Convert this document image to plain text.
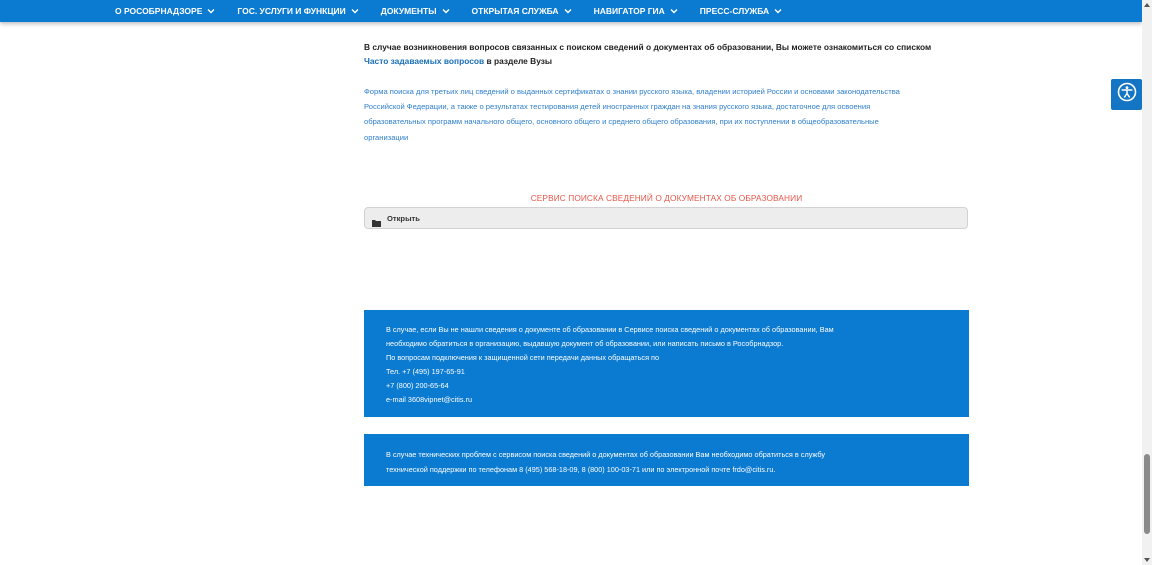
О РОСОБРНАДЗОРЕ	ГОС. УСЛУГИ И ФУНКЦИИ	ДОКУМЕНТЫ	ОТКРЫТАЯ СЛУЖБА	НАВИГАТОР ГИА	ПРЕСС-СЛУЖБА
В случае возникновения вопросов связанных с поиском сведений о документах об образовании, Вы можете ознакомиться со списком
Часто задаваемых вопросов в разделе Вузы
Форма поиска для третьих лиц сведений о выданных сертификатах о знании русского языка, владении историей России и основами законодательства
Российской Федерации, а также о результатах тестирования детей иностранных граждан на знания русского языка, достаточное для освоения
образовательных программ начального общего, основного общего и среднего общего образования, при их поступлении в общеобразовательные
организации
СЕРВИС ПОИСКА СВЕДЕНИЙ О ДОКУМЕНТАХ ОБ ОБРАЗОВАНИИ
Открыть
В случае, если Вы не нашли сведения о документе об образовании в Сервисе поиска сведений о документах об образовании, Вам
необходимо обратиться в организацию, выдавшую документ об образовании, или написать письмо в Рособрнадзор.
По вопросам подключения к защищенной сети передачи данных обращаться по
Тел. +7 (495) 197-65-91
+7 (800) 200-65-64
e-mail 3608vipnet@citis.ru
В случае технических проблем с сервисом поиска сведений о документах об образовании Вам необходимо обратиться в службу
технической поддержки по телефонам 8 (495) 568-18-09, 8 (800) 100-03-71 или по электронной почте frdo@citis.ru.
